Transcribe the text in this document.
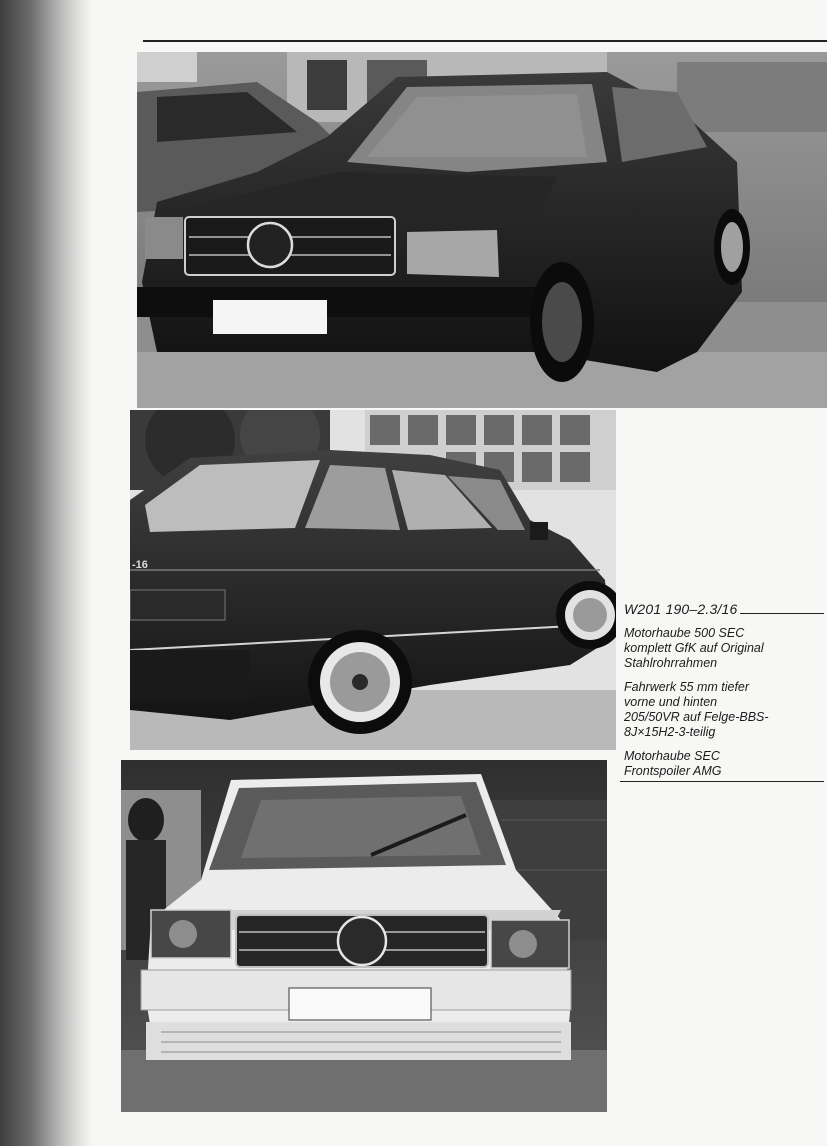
-16
W201 190–2.3/16
Motorhaube 500 SEC
komplett GfK auf Original
Stahlrohrrahmen
Fahrwerk 55 mm tiefer
vorne und hinten
205/50VR auf Felge-BBS-
8J×15H2-3-teilig
Motorhaube SEC
Frontspoiler AMG
